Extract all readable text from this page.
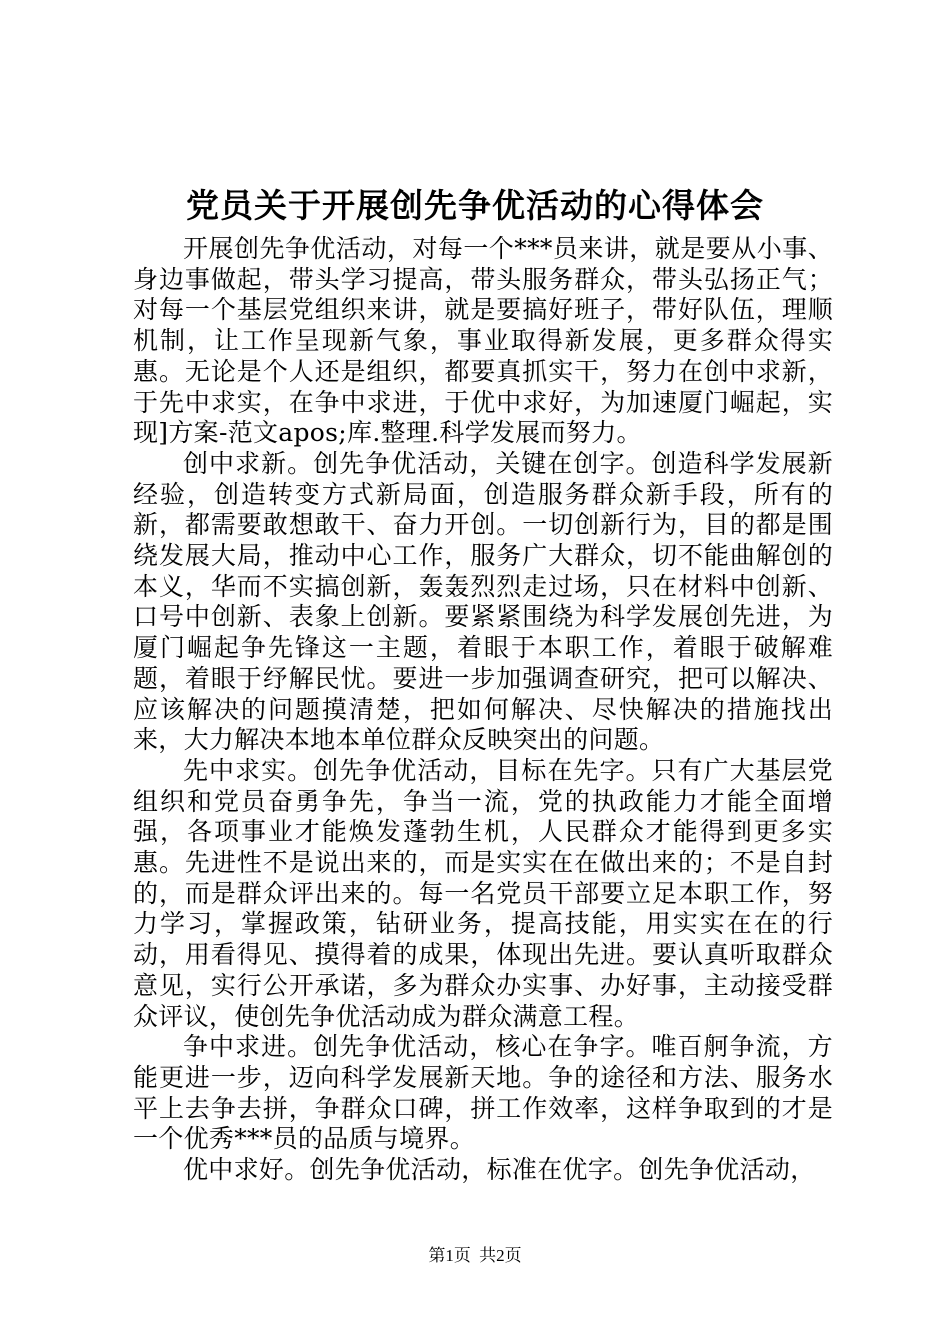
党员关于开展创先争优活动的心得体会

开展创先争优活动，对每一个***员来讲，就是要从小事、身边事做起，带头学习提高，带头服务群众，带头弘扬正气；对每一个基层党组织来讲，就是要搞好班子，带好队伍，理顺机制，让工作呈现新气象，事业取得新发展，更多群众得实惠。无论是个人还是组织，都要真抓实干，努力在创中求新，于先中求实，在争中求进，于优中求好，为加速厦门崛起，实现]方案-范文apos;库.整理.科学发展而努力。

创中求新。创先争优活动，关键在创字。创造科学发展新经验，创造转变方式新局面，创造服务群众新手段，所有的新，都需要敢想敢干、奋力开创。一切创新行为，目的都是围绕发展大局，推动中心工作，服务广大群众，切不能曲解创的本义，华而不实搞创新，轰轰烈烈走过场，只在材料中创新、口号中创新、表象上创新。要紧紧围绕为科学发展创先进，为厦门崛起争先锋这一主题，着眼于本职工作，着眼于破解难题，着眼于纾解民忧。要进一步加强调查研究，把可以解决、应该解决的问题摸清楚，把如何解决、尽快解决的措施找出来，大力解决本地本单位群众反映突出的问题。

先中求实。创先争优活动，目标在先字。只有广大基层党组织和党员奋勇争先，争当一流，党的执政能力才能全面增强，各项事业才能焕发蓬勃生机，人民群众才能得到更多实惠。先进性不是说出来的，而是实实在在做出来的；不是自封的，而是群众评出来的。每一名党员干部要立足本职工作，努力学习，掌握政策，钻研业务，提高技能，用实实在在的行动，用看得见、摸得着的成果，体现出先进。要认真听取群众意见，实行公开承诺，多为群众办实事、办好事，主动接受群众评议，使创先争优活动成为群众满意工程。

争中求进。创先争优活动，核心在争字。唯百舸争流，方能更进一步，迈向科学发展新天地。争的途径和方法、服务水平上去争去拼，争群众口碑，拼工作效率，这样争取到的才是一个优秀***员的品质与境界。

优中求好。创先争优活动，标准在优字。创先争优活动，

第1页 共2页
